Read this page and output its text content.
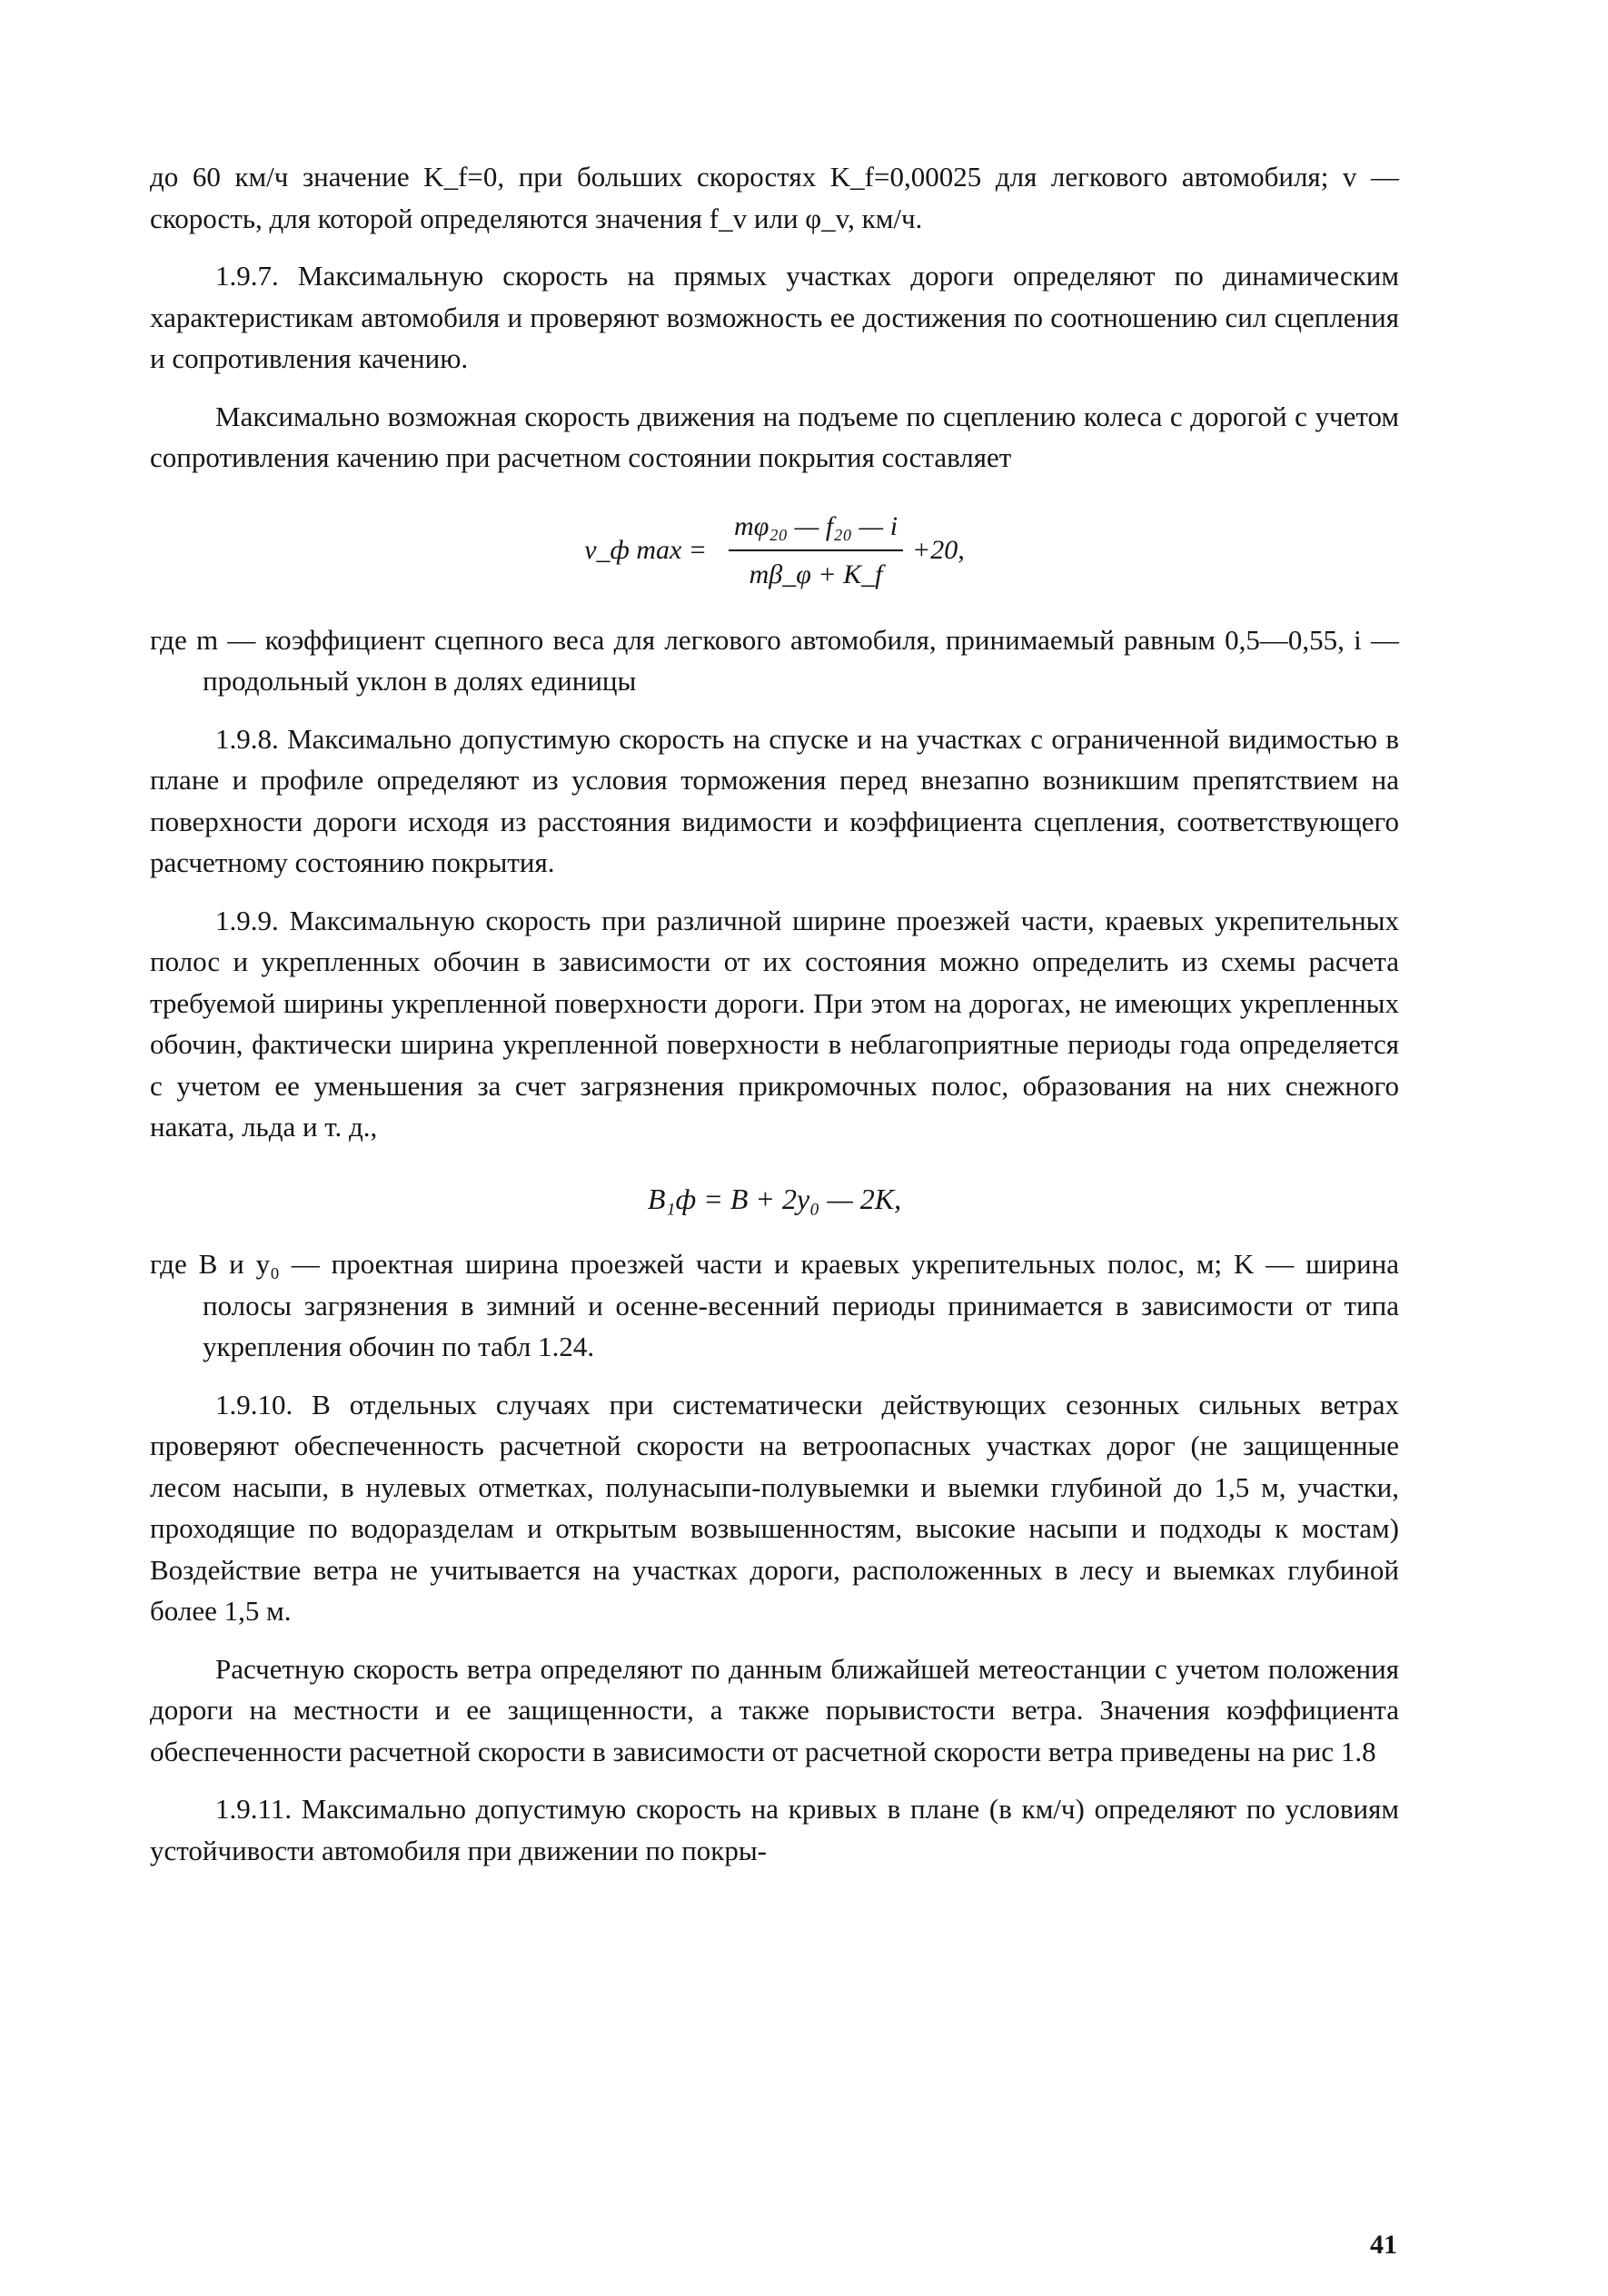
до 60 км/ч значение K_f=0, при больших скоростях K_f=0,00025 для легкового автомобиля; v — скорость, для которой определяются значения f_v или φ_v, км/ч.

1.9.7. Максимальную скорость на прямых участках дороги определяют по динамическим характеристикам автомобиля и проверяют возможность ее достижения по соотношению сил сцепления и сопротивления качению.

Максимально возможная скорость движения на подъеме по сцеплению колеса с дорогой с учетом сопротивления качению при расчетном состоянии покрытия составляет

v_ф $\max = \frac{\text{mφ₂₀ — f₂₀ — i}}{m\beta\_\varphi + K\_f} +20$,

где m — коэффициент сцепного веса для легкового автомобиля, принимаемый равным 0,5—0,55, i — продольный уклон в долях единицы

1.9.8. Максимально допустимую скорость на спуске и на участках с ограниченной видимостью в плане и профиле определяют из условия торможения перед внезапно возникшим препятствием на поверхности дороги исходя из расстояния видимости и коэффициента сцепления, соответствующего расчетному состоянию покрытия.

1.9.9. Максимальную скорость при различной ширине проезжей части, краевых укрепительных полос и укрепленных обочин в зависимости от их состояния можно определить из схемы расчета требуемой ширины укрепленной поверхности дороги. При этом на дорогах, не имеющих укрепленных обочин, фактически ширина укрепленной поверхности в неблагоприятные периоды года определяется с учетом ее уменьшения за счет загрязнения прикромочных полос, образования на них снежного наката, льда и т. д.,

B₁ф = B + 2y₀ — 2K,

где B и y₀ — проектная ширина проезжей части и краевых укрепительных полос, м; K — ширина полосы загрязнения в зимний и осенне-весенний периоды принимается в зависимости от типа укрепления обочин по табл 1.24.

1.9.10. В отдельных случаях при систематически действующих сезонных сильных ветрах проверяют обеспеченность расчетной скорости на ветроопасных участках дорог (не защищенные лесом насыпи, в нулевых отметках, полунасыпи-полувыемки и выемки глубиной до 1,5 м, участки, проходящие по водоразделам и открытым возвышенностям, высокие насыпи и подходы к мостам) Воздействие ветра не учитывается на участках дороги, расположенных в лесу и выемках глубиной более 1,5 м.

Расчетную скорость ветра определяют по данным ближайшей метеостанции с учетом положения дороги на местности и ее защищенности, а также порывистости ветра. Значения коэффициента обеспеченности расчетной скорости в зависимости от расчетной скорости ветра приведены на рис 1.8

1.9.11. Максимально допустимую скорость на кривых в плане (в км/ч) определяют по условиям устойчивости автомобиля при движении по покры-

41
